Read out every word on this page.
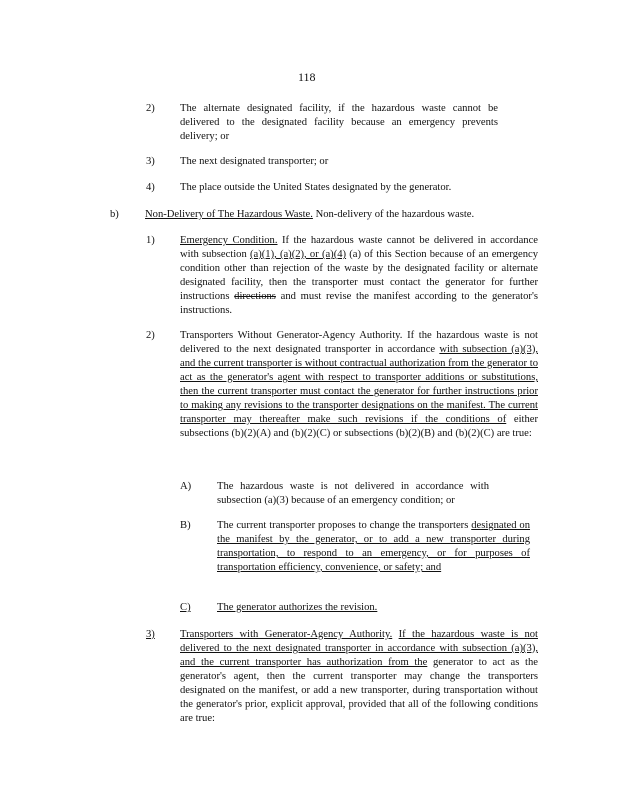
118
2) The alternate designated facility, if the hazardous waste cannot be delivered to the designated facility because an emergency prevents delivery; or
3) The next designated transporter; or
4) The place outside the United States designated by the generator.
b) Non-Delivery of The Hazardous Waste. Non-delivery of the hazardous waste.
1) Emergency Condition. If the hazardous waste cannot be delivered in accordance with subsection (a)(1), (a)(2), or (a)(4) (a) of this Section because of an emergency condition other than rejection of the waste by the designated facility or alternate designated facility, then the transporter must contact the generator for further instructions directions and must revise the manifest according to the generator's instructions.
2) Transporters Without Generator-Agency Authority. If the hazardous waste is not delivered to the next designated transporter in accordance with subsection (a)(3), and the current transporter is without contractual authorization from the generator to act as the generator's agent with respect to transporter additions or substitutions, then the current transporter must contact the generator for further instructions prior to making any revisions to the transporter designations on the manifest. The current transporter may thereafter make such revisions if the conditions of either subsections (b)(2)(A) and (b)(2)(C) or subsections (b)(2)(B) and (b)(2)(C) are true:
A) The hazardous waste is not delivered in accordance with subsection (a)(3) because of an emergency condition; or
B) The current transporter proposes to change the transporters designated on the manifest by the generator, or to add a new transporter during transportation, to respond to an emergency, or for purposes of transportation efficiency, convenience, or safety; and
C) The generator authorizes the revision.
3) Transporters with Generator-Agency Authority. If the hazardous waste is not delivered to the next designated transporter in accordance with subsection (a)(3), and the current transporter has authorization from the generator to act as the generator's agent, then the current transporter may change the transporters designated on the manifest, or add a new transporter, during transportation without the generator's prior, explicit approval, provided that all of the following conditions are true:
